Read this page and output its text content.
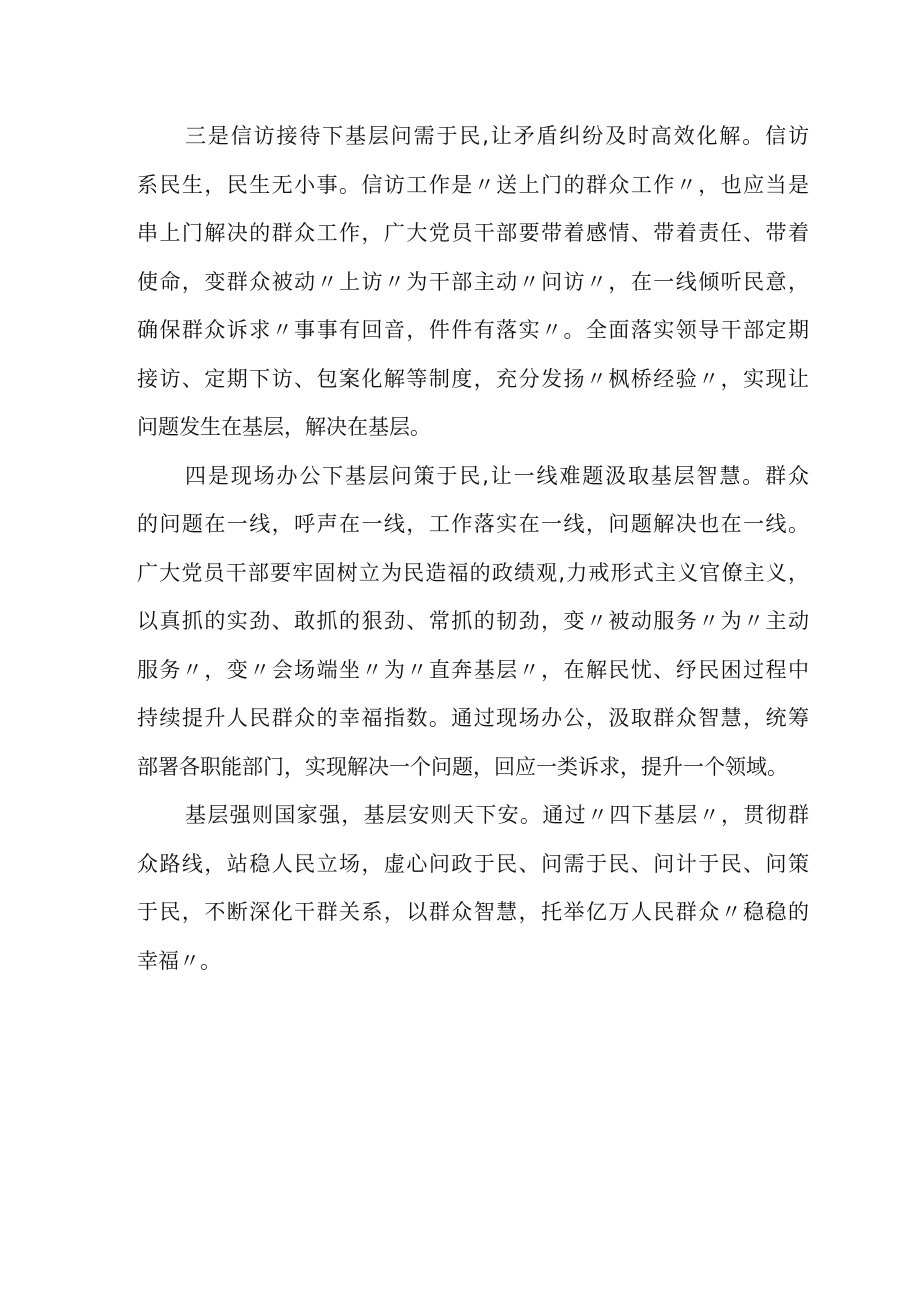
三是信访接待下基层问需于民,让矛盾纠纷及时高效化解。信访
系民生，民生无小事。信访工作是〃送上门的群众工作〃，也应当是
串上门解决的群众工作，广大党员干部要带着感情、带着责任、带着
使命，变群众被动〃上访〃为干部主动〃问访〃，在一线倾听民意，
确保群众诉求〃事事有回音，件件有落实〃。全面落实领导干部定期
接访、定期下访、包案化解等制度，充分发扬〃枫桥经验〃，实现让
问题发生在基层，解决在基层。
四是现场办公下基层问策于民,让一线难题汲取基层智慧。群众
的问题在一线，呼声在一线，工作落实在一线，问题解决也在一线。
广大党员干部要牢固树立为民造福的政绩观,力戒形式主义官僚主义，
以真抓的实劲、敢抓的狠劲、常抓的韧劲，变〃被动服务〃为〃主动
服务〃，变〃会场端坐〃为〃直奔基层〃，在解民忧、纾民困过程中
持续提升人民群众的幸福指数。通过现场办公，汲取群众智慧，统筹
部署各职能部门，实现解决一个问题，回应一类诉求，提升一个领域。
基层强则国家强，基层安则天下安。通过〃四下基层〃，贯彻群
众路线，站稳人民立场，虚心问政于民、问需于民、问计于民、问策
于民，不断深化干群关系，以群众智慧，托举亿万人民群众〃稳稳的
幸福〃。
